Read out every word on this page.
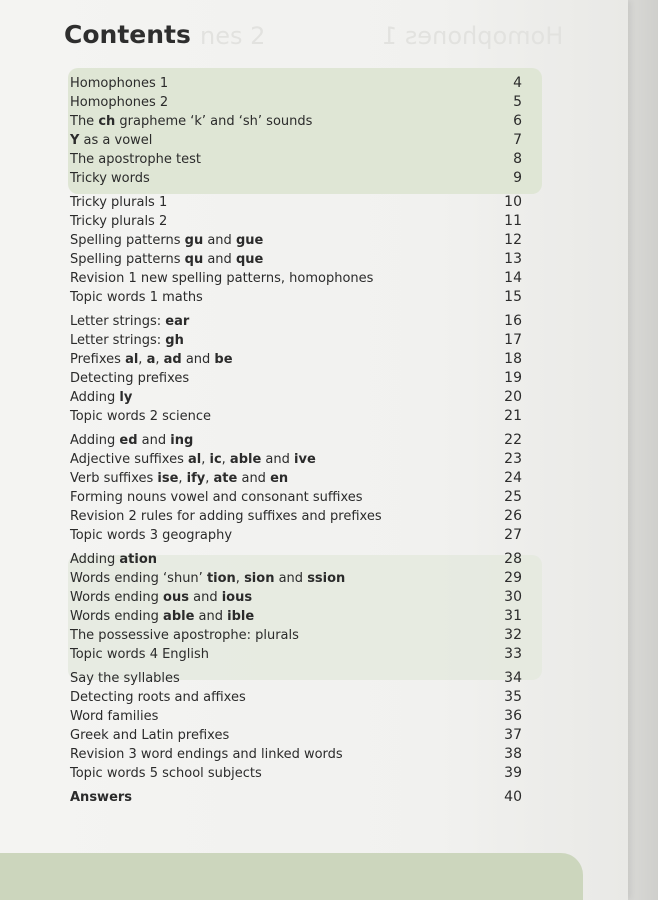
nes 2	Homophones 1
Contents
Homophones 1	4
Homophones 2	5
The ch grapheme ‘k’ and ‘sh’ sounds	6
Y as a vowel	7
The apostrophe test	8
Tricky words	9
Tricky plurals 1	10
Tricky plurals 2	11
Spelling patterns gu and gue	12
Spelling patterns qu and que	13
Revision 1 new spelling patterns, homophones	14
Topic words 1 maths	15
Letter strings: ear	16
Letter strings: gh	17
Prefixes al, a, ad and be	18
Detecting prefixes	19
Adding ly	20
Topic words 2 science	21
Adding ed and ing	22
Adjective suffixes al, ic, able and ive	23
Verb suffixes ise, ify, ate and en	24
Forming nouns vowel and consonant suffixes	25
Revision 2 rules for adding suffixes and prefixes	26
Topic words 3 geography	27
Adding ation	28
Words ending ‘shun’ tion, sion and ssion	29
Words ending ous and ious	30
Words ending able and ible	31
The possessive apostrophe: plurals	32
Topic words 4 English	33
Say the syllables	34
Detecting roots and affixes	35
Word families	36
Greek and Latin prefixes	37
Revision 3 word endings and linked words	38
Topic words 5 school subjects	39
Answers	40
